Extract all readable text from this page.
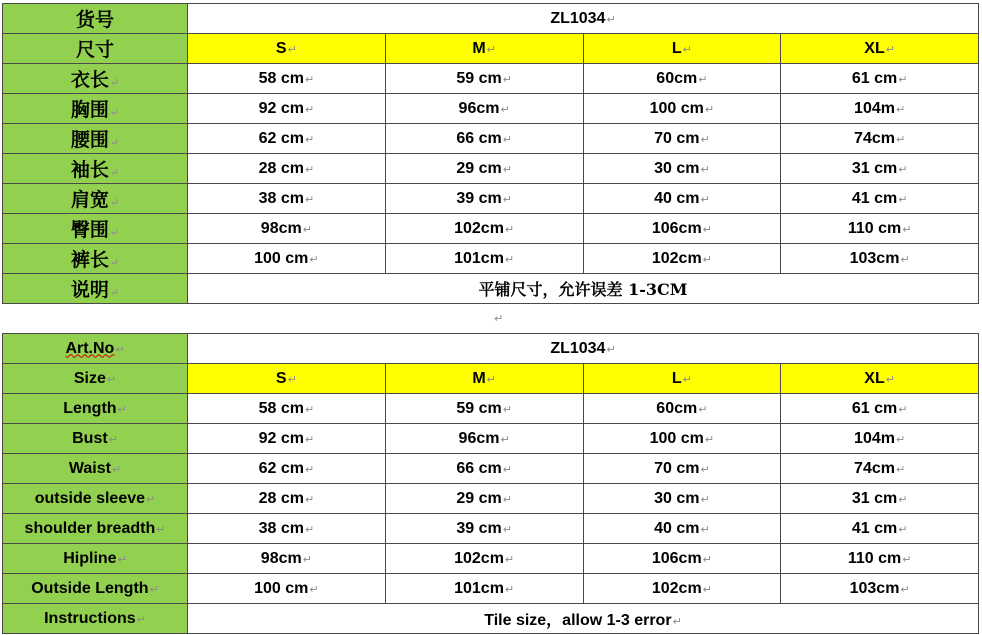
货号	ZL1034↵			
尺寸	S↵	M↵	L↵	XL↵
衣长↵	58 cm↵	59 cm↵	60cm↵	61 cm↵
胸围↵	92 cm↵	96cm↵	100 cm↵	104m↵
腰围↵	62 cm↵	66 cm↵	70 cm↵	74cm↵
袖长↵	28 cm↵	29 cm↵	30 cm↵	31 cm↵
肩宽↵	38 cm↵	39 cm↵	40 cm↵	41 cm↵
臀围↵	98cm↵	102cm↵	106cm↵	110 cm↵
裤长↵	100 cm↵	101cm↵	102cm↵	103cm↵
说明↵	平铺尺寸，允许误差 1-3CM			
↵
Art.No↵	ZL1034↵			
Size↵	S↵	M↵	L↵	XL↵
Length↵	58 cm↵	59 cm↵	60cm↵	61 cm↵
Bust↵	92 cm↵	96cm↵	100 cm↵	104m↵
Waist↵	62 cm↵	66 cm↵	70 cm↵	74cm↵
outside sleeve↵	28 cm↵	29 cm↵	30 cm↵	31 cm↵
shoulder breadth↵	38 cm↵	39 cm↵	40 cm↵	41 cm↵
Hipline↵	98cm↵	102cm↵	106cm↵	110 cm↵
Outside Length↵	100 cm↵	101cm↵	102cm↵	103cm↵
Instructions↵	Tile size，allow 1-3 error↵			
